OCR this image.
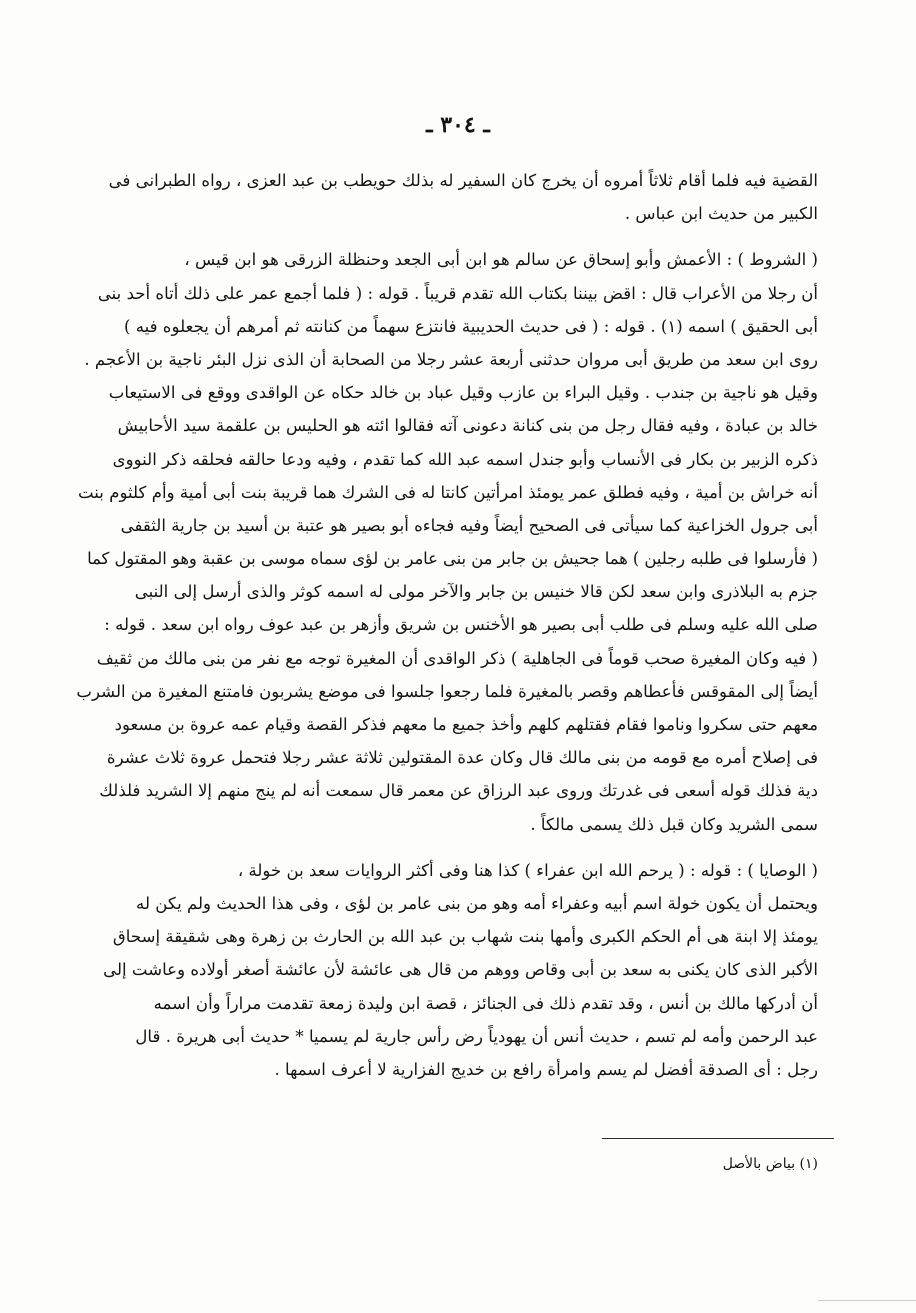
ـ ٣٠٤ ـ
القضية فيه فلما أقام ثلاثاً أمروه أن يخرج كان السفير له بذلك حويطب بن عبد العزى ، رواه الطبرانى فى
الكبير من حديث ابن عباس .
( الشروط ) : الأعمش وأبو إسحاق عن سالم هو ابن أبى الجعد وحنظلة الزرقى هو ابن قيس ،
أن رجلا من الأعراب قال : اقض بيننا بكتاب الله تقدم قريباً . قوله : ( فلما أجمع عمر على ذلك أتاه أحد بنى
أبى الحقيق ) اسمه (١) . قوله : ( فى حديث الحديبية فانتزع سهماً من كنانته ثم أمرهم أن يجعلوه فيه )
روى ابن سعد من طريق أبى مروان حدثنى أربعة عشر رجلا من الصحابة أن الذى نزل البئر ناجية بن الأعجم .
وقيل هو ناجية بن جندب . وقيل البراء بن عازب وقيل عباد بن خالد حكاه عن الواقدى ووقع فى الاستيعاب
خالد بن عبادة ، وفيه فقال رجل من بنى كنانة دعونى آته فقالوا ائته هو الحليس بن علقمة سيد الأحابيش
ذكره الزبير بن بكار فى الأنساب وأبو جندل اسمه عبد الله كما تقدم ، وفيه ودعا حالقه فحلقه ذكر النووى
أنه خراش بن أمية ، وفيه فطلق عمر يومئذ امرأتين كانتا له فى الشرك هما قريبة بنت أبى أمية وأم كلثوم بنت
أبى جرول الخزاعية كما سيأتى فى الصحيح أيضاً وفيه فجاءه أبو بصير هو عتبة بن أسيد بن جارية الثقفى
( فأرسلوا فى طلبه رجلين ) هما جحيش بن جابر من بنى عامر بن لؤى سماه موسى بن عقبة وهو المقتول كما
جزم به البلاذرى وابن سعد لكن قالا خنيس بن جابر والآخر مولى له اسمه كوثر والذى أرسل إلى النبى
صلى الله عليه وسلم فى طلب أبى بصير هو الأخنس بن شريق وأزهر بن عبد عوف رواه ابن سعد . قوله :
( فيه وكان المغيرة صحب قوماً فى الجاهلية ) ذكر الواقدى أن المغيرة توجه مع نفر من بنى مالك من ثقيف
أيضاً إلى المقوقس فأعطاهم وقصر بالمغيرة فلما رجعوا جلسوا فى موضع يشربون فامتنع المغيرة من الشرب
معهم حتى سكروا وناموا فقام فقتلهم كلهم وأخذ جميع ما معهم فذكر القصة وقيام عمه عروة بن مسعود
فى إصلاح أمره مع قومه من بنى مالك قال وكان عدة المقتولين ثلاثة عشر رجلا فتحمل عروة ثلاث عشرة
دية فذلك قوله أسعى فى غدرتك وروى عبد الرزاق عن معمر قال سمعت أنه لم ينج منهم إلا الشريد فلذلك
سمى الشريد وكان قبل ذلك يسمى مالكاً .
( الوصايا ) : قوله : ( يرحم الله ابن عفراء ) كذا هنا وفى أكثر الروايات سعد بن خولة ،
ويحتمل أن يكون خولة اسم أبيه وعفراء أمه وهو من بنى عامر بن لؤى ، وفى هذا الحديث ولم يكن له
يومئذ إلا ابنة هى أم الحكم الكبرى وأمها بنت شهاب بن عبد الله بن الحارث بن زهرة وهى شقيقة إسحاق
الأكبر الذى كان يكنى به سعد بن أبى وقاص ووهم من قال هى عائشة لأن عائشة أصغر أولاده وعاشت إلى
أن أدركها مالك بن أنس ، وقد تقدم ذلك فى الجنائز ، قصة ابن وليدة زمعة تقدمت مراراً وأن اسمه
عبد الرحمن وأمه لم تسم ، حديث أنس أن يهودياً رض رأس جارية لم يسميا * حديث أبى هريرة . قال
رجل : أى الصدقة أفضل لم يسم وامرأة رافع بن خديج الفزارية لا أعرف اسمها .
(١) بياض بالأصل
